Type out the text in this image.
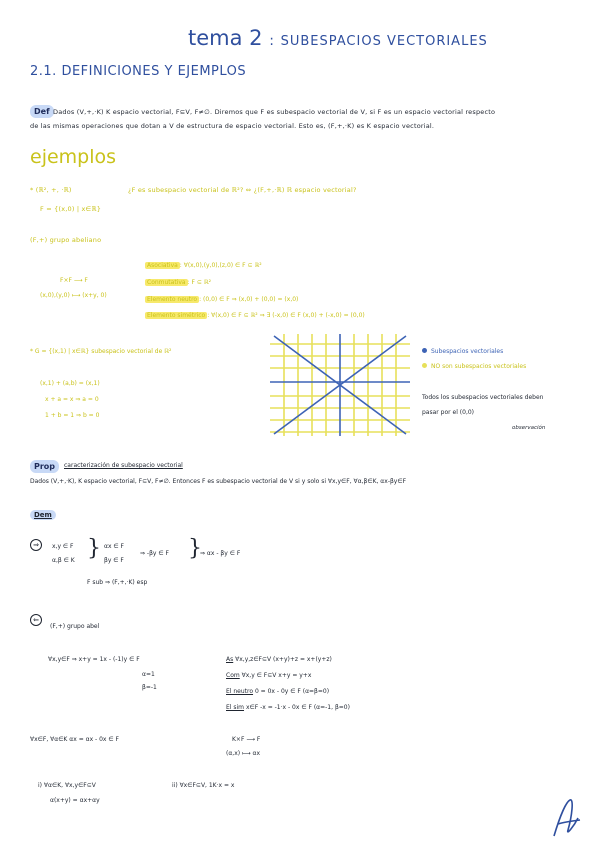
tema 2 : SUBESPACIOS VECTORIALES
2.1. DEFINICIONES Y EJEMPLOS
Def Dados (V,+,·K) K espacio vectorial, F⊆V, F≠∅. Diremos que F es subespacio vectorial de V, si F es un espacio vectorial respecto
de las mismas operaciones que dotan a V de estructura de espacio vectorial. Esto es, (F,+,·K) es K espacio vectorial.
ejemplos
* (ℝ², +, ·ℝ)	¿F es subespacio vectorial de ℝ²? ⇔ ¿(F,+,·ℝ) ℝ espacio vectorial?
F = {(x,0) | x∈ℝ}
(F,+) grupo abeliano
F×F ⟶ F
(x,0),(y,0) ⟼ (x+y, 0)
Asociativa : ∀(x,0),(y,0),(z,0) ∈ F ⊆ ℝ²
Conmutativa : F ⊆ ℝ²
Elemento neutro : (0,0) ∈ F ⇒ (x,0) + (0,0) = (x,0)
Elemento simétrico : ∀(x,0) ∈ F ⊆ ℝ² ⇒ ∃ (-x,0) ∈ F (x,0) + (-x,0) = (0,0)
* G = {(x,1) | x∈ℝ} subespacio vectorial de ℝ²
(x,1) + (a,b) = (x,1)
x + a = x ⇒ a = 0
1 + b = 1 ⇒ b = 0
Subespacios vectoriales
NO son subespacios vectoriales
Todos los subespacios vectoriales deben
pasar por el (0,0)
observación
Prop	caracterización de subespacio vectorial
Dados (V,+,·K), K espacio vectorial, F⊆V, F≠∅. Entonces F es subespacio vectorial de V si y solo si ∀x,y∈F, ∀α,β∈K, αx-βy∈F
Dem
⇒	x,y ∈ F
α,β ∈ K } αx ∈ F
βy ∈ F
⇒ -βy ∈ F }
⇒ αx - βy ∈ F
F sub ⇒ (F,+,·K) esp
⇐
(F,+) grupo abel
∀x,y∈F ⇒ x+y = 1x - (-1)y ∈ F
α=1
β=-1
As ∀x,y,z∈F⊆V (x+y)+z = x+(y+z)
Com ∀x,y ∈ F⊆V x+y = y+x
El neutro 0 = 0x - 0y ∈ F (α=β=0)
El sim x∈F -x = -1·x - 0x ∈ F (α=-1, β=0)
∀x∈F, ∀α∈K αx = αx - 0x ∈ F	K×F ⟶ F
(α,x) ⟼ αx
i) ∀α∈K, ∀x,y∈F⊆V
α(x+y) = αx+αy
ii) ∀x∈F⊆V, 1K·x = x
